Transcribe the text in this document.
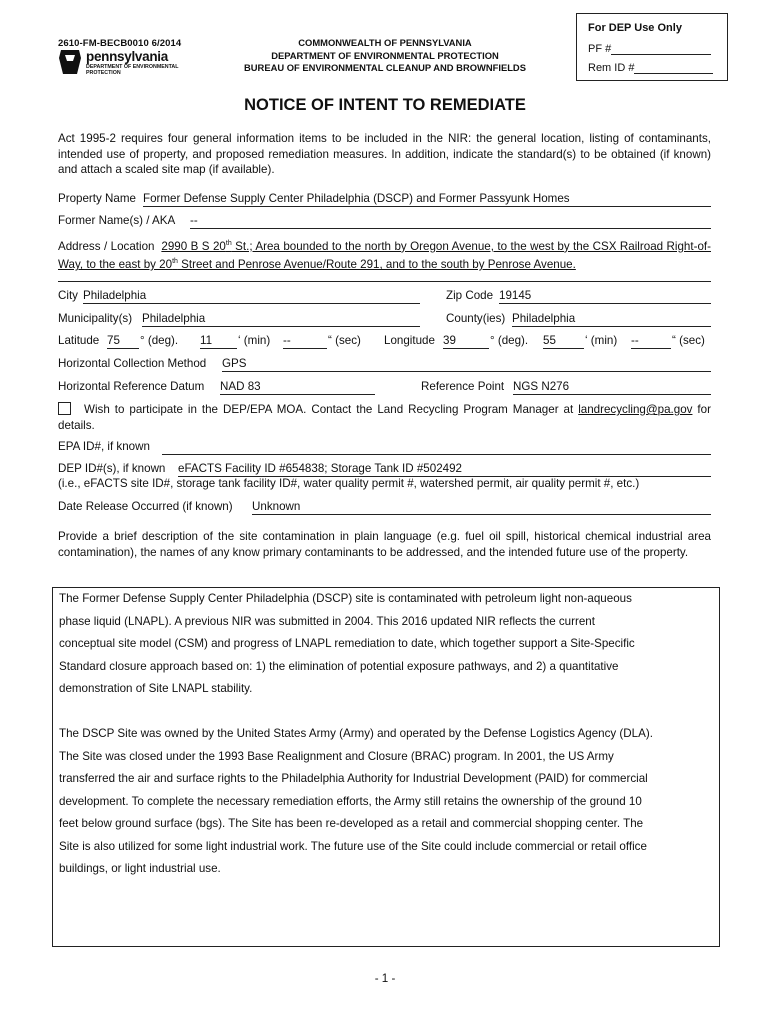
2610-FM-BECB0010 6/2014
pennsylvania
DEPARTMENT OF ENVIRONMENTAL
PROTECTION
COMMONWEALTH OF PENNSYLVANIA
DEPARTMENT OF ENVIRONMENTAL PROTECTION
BUREAU OF ENVIRONMENTAL CLEANUP AND BROWNFIELDS
For DEP Use Only
PF #
Rem ID #
NOTICE OF INTENT TO REMEDIATE
Act 1995-2 requires four general information items to be included in the NIR: the general location, listing of contaminants, intended use of property, and proposed remediation measures. In addition, indicate the standard(s) to be obtained (if known) and attach a scaled site map (if available).
Property Name Former Defense Supply Center Philadelphia (DSCP) and Former Passyunk Homes
Former Name(s) / AKA --
Address / Location 2990 B S 20th St.; Area bounded to the north by Oregon Avenue, to the west by the CSX Railroad Right-of-Way, to the east by 20th Street and Penrose Avenue/Route 291, and to the south by Penrose Avenue.
City Philadelphia	Zip Code 19145
Municipality(s) Philadelphia	County(ies) Philadelphia
Latitude 75	° (deg). 11	‘ (min) --	“ (sec) Longitude 39	° (deg). 55	‘ (min) --	“ (sec)
Horizontal Collection Method GPS
Horizontal Reference Datum NAD 83	Reference Point NGS N276
Wish to participate in the DEP/EPA MOA. Contact the Land Recycling Program Manager at landrecycling@pa.gov for details.
EPA ID#, if known
DEP ID#(s), if known eFACTS Facility ID #654838; Storage Tank ID #502492
(i.e., eFACTS site ID#, storage tank facility ID#, water quality permit #, watershed permit, air quality permit #, etc.)
Date Release Occurred (if known) Unknown
Provide a brief description of the site contamination in plain language (e.g. fuel oil spill, historical chemical industrial area contamination), the names of any know primary contaminants to be addressed, and the intended future use of the property.

The Former Defense Supply Center Philadelphia (DSCP) site is contaminated with petroleum light non-aqueous

phase liquid (LNAPL). A previous NIR was submitted in 2004. This 2016 updated NIR reflects the current

conceptual site model (CSM) and progress of LNAPL remediation to date, which together support a Site-Specific

Standard closure approach based on: 1) the elimination of potential exposure pathways, and 2) a quantitative

demonstration of Site LNAPL stability.

The DSCP Site was owned by the United States Army (Army) and operated by the Defense Logistics Agency (DLA).

The Site was closed under the 1993 Base Realignment and Closure (BRAC) program. In 2001, the US Army

transferred the air and surface rights to the Philadelphia Authority for Industrial Development (PAID) for commercial

development. To complete the necessary remediation efforts, the Army still retains the ownership of the ground 10

feet below ground surface (bgs). The Site has been re-developed as a retail and commercial shopping center. The

Site is also utilized for some light industrial work. The future use of the Site could include commercial or retail office

buildings, or light industrial use.

- 1 -
